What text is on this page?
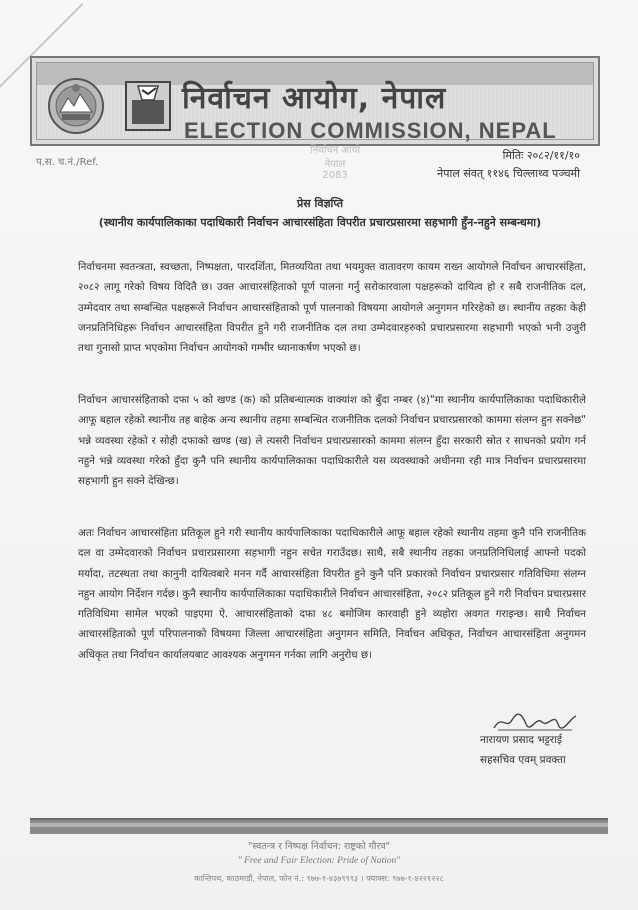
निर्वाचन आयोग, नेपाल
ELECTION COMMISSION, NEPAL
प.स. च.नं./Ref.
निर्वाचन आयो
नेपाल
2083
मितिः २०८२/११/१०
नेपाल संवत् ११४६ चिल्लाथ्व पञ्चमी
प्रेस विज्ञप्ति
(स्थानीय कार्यपालिकाका पदाधिकारी निर्वाचन आचारसंहिता विपरीत प्रचारप्रसारमा सहभागी हुँन-नहुने सम्बन्धमा)

निर्वाचनमा स्वतन्त्रता, स्वच्छता, निष्पक्षता, पारदर्शिता, मितव्ययिता तथा भयमुक्त वातावरण कायम राख्न आयोगले निर्वाचन आचारसंहिता, २०८२ लागू गरेको विषय विदितै छ। उक्त आचारसंहिताको पूर्ण पालना गर्नु सरोकारवाला पक्षहरूको दायित्व हो र सबै राजनीतिक दल, उम्मेदवार तथा सम्बन्धित पक्षहरूले निर्वाचन आचारसंहिताको पूर्ण पालनाको विषयमा आयोगले अनुगमन गरिरहेको छ। स्थानीय तहका केही जनप्रतिनिधिहरू निर्वाचन आचारसंहिता विपरीत हुने गरी राजनीतिक दल तथा उम्मेदवारहरुको प्रचारप्रसारमा सहभागी भएको भनी उजुरी तथा गुनासो प्राप्त भएकोमा निर्वाचन आयोगको गम्भीर ध्यानाकर्षण भएको छ।

निर्वाचन आचारसंहिताको दफा ५ को खण्ड (क) को प्रतिबन्धात्मक वाक्यांश को बुँदा नम्बर (४)"मा स्थानीय कार्यपालिकाका पदाधिकारीले आफू बहाल रहेको स्थानीय तह बाहेक अन्य स्थानीय तहमा सम्बन्धित राजनीतिक दलको निर्वाचन प्रचारप्रसारको काममा संलग्न हुन सक्नेछ" भन्ने व्यवस्था रहेको र सोही दफाको खण्ड (ख) ले त्यसरी निर्वाचन प्रचारप्रसारको काममा संलग्न हुँदा सरकारी स्रोत र साधनको प्रयोग गर्न नहुने भन्ने व्यवस्था गरेको हुँदा कुनै पनि स्थानीय कार्यपालिकाका पदाधिकारीले यस व्यवस्थाको अधीनमा रही मात्र निर्वाचन प्रचारप्रसारमा सहभागी हुन सक्ने देखिन्छ।

अतः निर्वाचन आचारसंहिता प्रतिकूल हुने गरी स्थानीय कार्यपालिकाका पदाधिकारीले आफू बहाल रहेको स्थानीय तहमा कुनै पनि राजनीतिक दल वा उम्मेदवारको निर्वाचन प्रचारप्रसारमा सहभागी नहुन सचेत गराउँदछ। साथै, सबै स्थानीय तहका जनप्रतिनिधिलाई आफ्नो पदको मर्यादा, तटस्थता तथा कानुनी दायित्वबारे मनन गर्दै आचारसंहिता विपरीत हुने कुनै पनि प्रकारको निर्वाचन प्रचारप्रसार गतिविधिमा संलग्न नहुन आयोग निर्देशन गर्दछ। कुनै स्थानीय कार्यपालिकाका पदाधिकारीले निर्वाचन आचारसंहिता, २०८२ प्रतिकूल हुने गरी निर्वाचन प्रचारप्रसार गतिविधिमा सामेल भएको पाइएमा ऐ. आचारसंहिताको दफा ४८ बमोजिम कारवाही हुने व्यहोरा अवगत गराइन्छ। साथै निर्वाचन आचारसंहिताको पूर्ण परिपालनाको विषयमा जिल्ला आचारसंहिता अनुगमन समिति, निर्वाचन अधिकृत, निर्वाचन आचारसंहिता अनुगमन अधिकृत तथा निर्वाचन कार्यालयबाट आवश्यक अनुगमन गर्नका लागि अनुरोध छ।

नारायण प्रसाद भट्टराई
सहसचिव एवम् प्रवक्ता
"स्वतन्त्र र निष्पक्ष निर्वाचन: राष्ट्रको गौरव"
" Free and Fair Election: Pride of Nation"
कान्तिपथ, काठमाडौं, नेपाल, फोन नं.: ९७७-१-४३७९९९३ । फ्याक्स: ९७७-१-४२२१२२८
